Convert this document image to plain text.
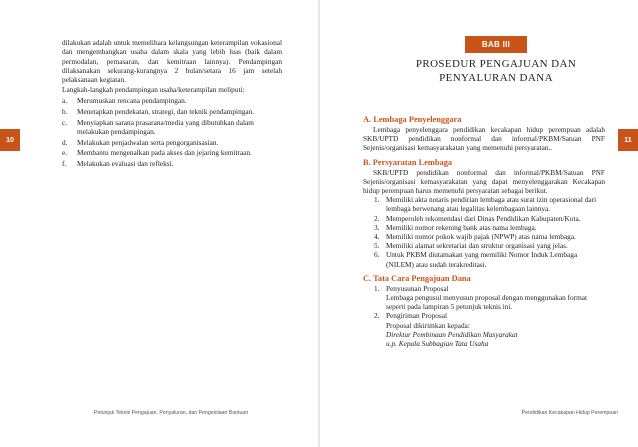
10

dilakukan adalah untuk memelihara kelangsungan keterampilan vokasional dan mengembangkan usaha dalam skala yang lebih luas (baik dalam permodalan, pemasaran, dan kemitraan lainnya). Pendampingan dilaksanakan sekurang-kurangnya 2 bulan/setara 16 jam setelah pelaksanaan kegiatan.

Langkah-langkah pendampingan usaha/keterampilan meliputi:

a. Merumuskan rencana pendampingan.
b. Menetapkan pendekatan, strategi, dan teknik pendampingan.
c. Menyiapkan sarana prasarana/media yang dibutuhkan dalam melakukan pendampingan.
d. Melakukan penjadwalan serta pengorganisasian.
e. Membantu mengenalkan pada akses dan jejaring kemitraan.
f. Melakukan evaluasi dan refleksi.
Petunjuk Teknis Pengajuan, Penyaluran, dan Pengelolaan Bantuan
BAB III
PROSEDUR PENGAJUAN DAN
PENYALURAN DANA
11
A. Lembaga Penyelenggara

Lembaga penyelenggara pendidikan kecakapan hidup perempuan adalah SKB/UPTD pendidikan nonformal dan informal/PKBM/Satuan PNF Sejenis/organisasi kemasyarakatan yang memenuhi persyaratan..

B. Persyaratan Lembaga

SKB/UPTD pendidikan nonformal dan informal/PKBM/Satuan PNF Sejenis/organisasi kemasyarakatan yang dapat menyelenggarakan Kecakapan hidup perempuan harus memenuhi persyaratan sebagai berikut.

1. Memiliki akta notaris pendirian lembaga atau surat izin operasional dari lembaga berwenang atau legalitas kelembagaan lainnya.
2. Memperoleh rekomendasi dari Dinas Pendidikan Kabupaten/Kota.
3. Memiliki nomor rekening bank atas nama lembaga.
4. Memiliki nomor pokok wajib pajak (NPWP) atas nama lembaga.
5. Memiliki alamat sekretariat dan struktur organisasi yang jelas.
6. Untuk PKBM diutamakan yang memiliki Nomor Induk Lembaga (NILEM) atau sudah terakreditasi.
C. Tata Cara Pengajuan Dana
1. Penyusunan Proposal
Lembaga pengusul menyusun proposal dengan menggunakan format seperti pada lampiran 5 petunjuk teknis ini.
2. Pengiriman Proposal
Proposal dikirimkan kepada:
Direktur Pembinaan Pendidikan Masyarakat
u.p. Kepala Subbagian Tata Usaha
Pendidikan Kecakapan Hidup Perempuan
